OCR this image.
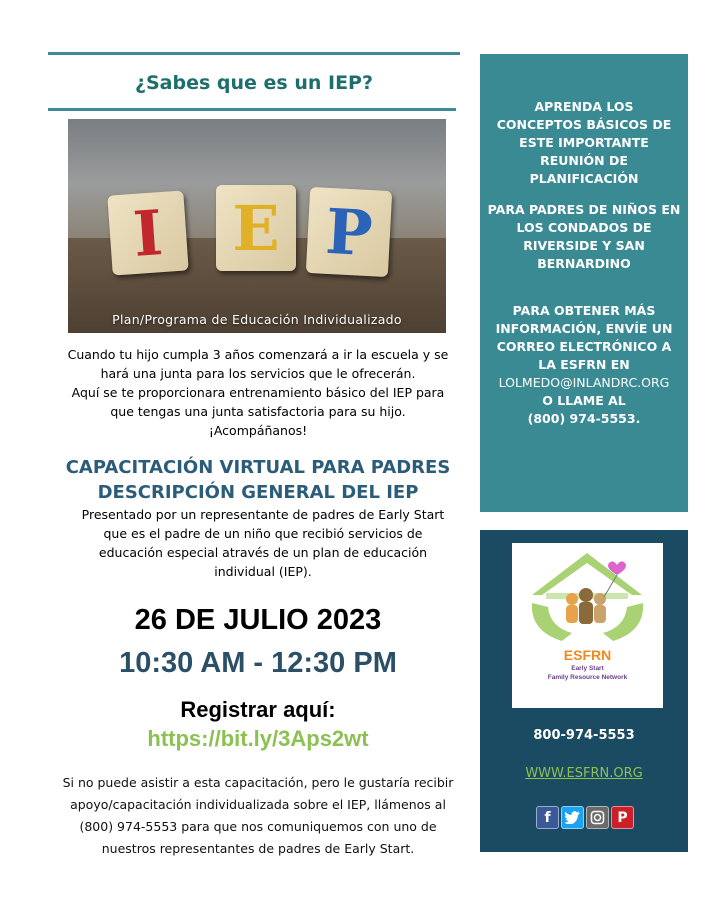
¿Sabes que es un IEP?
I E P
Plan/Programa de Educación Individualizado

Cuando tu hijo cumpla 3 años comenzará a ir la escuela y se

hará una junta para los servicios que le ofrecerán.

Aquí se te proporcionara entrenamiento básico del IEP para

que tengas una junta satisfactoria para su hijo.

¡Acompáñanos!

CAPACITACIÓN VIRTUAL PARA PADRES
DESCRIPCIÓN GENERAL DEL IEP
Presentado por un representante de padres de Early Start
que es el padre de un niño que recibió servicios de
educación especial através de un plan de educación
individual (IEP).
26 DE JULIO 2023
10:30 AM - 12:30 PM
Registrar aquí:
https://bit.ly/3Aps2wt
Si no puede asistir a esta capacitación, pero le gustaría recibir
apoyo/capacitación individualizada sobre el IEP, llámenos al
(800) 974-5553 para que nos comuniquemos con uno de
nuestros representantes de padres de Early Start.
APRENDA LOS
CONCEPTOS BÁSICOS DE
ESTE IMPORTANTE
REUNIÓN DE PLANIFICACIÓN
PARA PADRES DE NIÑOS EN
LOS CONDADOS DE
RIVERSIDE Y SAN
BERNARDINO
PARA OBTENER MÁS
INFORMACIÓN, ENVÍE UN
CORREO ELECTRÓNICO A
LA ESFRN EN
LOLMEDO@INLANDRC.ORG
O LLAME AL
(800) 974-5553.
ESFRN
Early Start
Family Resource Network
800-974-5553
WWW.ESFRN.ORG
f	P
